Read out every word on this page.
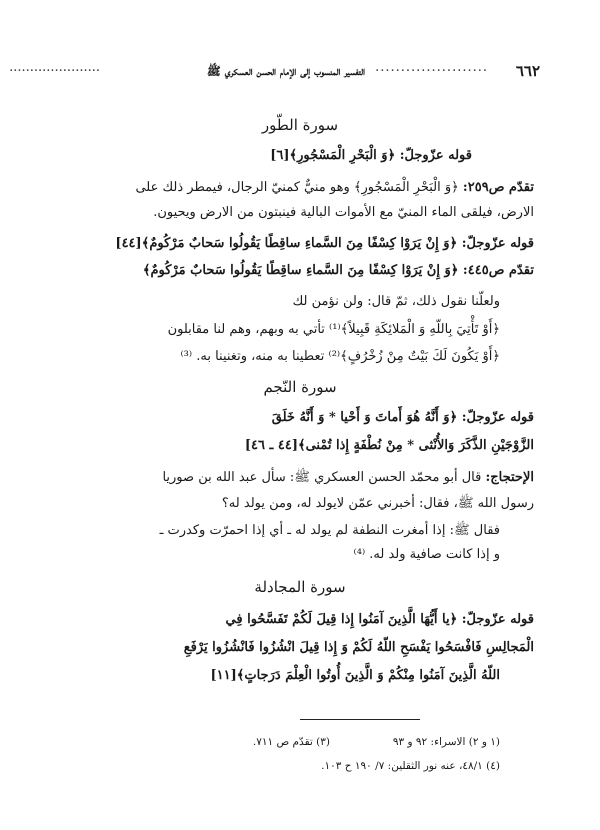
٦٦٢
......................
التفسير المنسوب إلى الإمام الحسن العسكري ﷺ
......................
سورة الطّور
قوله عزّوجلّ: ﴿وَ الْبَحْرِ الْمَسْجُورِ﴾[٦]
تقدّم ص٢٥٩: ﴿وَ الْبَحْرِ الْمَسْجُورِ﴾ وهو منيٌّ كمنيّ الرجال، فيمطر ذلك على
الارض، فيلقى الماء المنيّ مع الأموات البالية فينبتون من الارض ويحيون.
قوله عزّوجلّ: ﴿وَ إِنْ يَرَوْا كِسْفًا مِنَ السَّماءِ ساقِطًا يَقُولُوا سَحابٌ مَرْكُومٌ﴾[٤٤]
تقدّم ص٤٤٥: ﴿وَ إِنْ يَرَوْا كِسْفًا مِنَ السَّماءِ ساقِطًا يَقُولُوا سَحابٌ مَرْكُومٌ﴾
ولعلّنا نقول ذلك، ثمّ قال: ولن نؤمن لك
﴿أَوْ تَأْتِيَ بِاللّهِ وَ الْمَلائِكَةِ قَبِيلاً﴾⁽¹⁾ تأتي به وبهم، وهم لنا مقابلون
﴿أَوْ يَكُونَ لَكَ بَيْتٌ مِنْ زُخْرُفٍ﴾⁽²⁾ تعطينا به منه، وتغنينا به. ⁽³⁾
سورة النّجم
قوله عزّوجلّ: ﴿وَ أَنَّهُ هُوَ أَماتَ وَ أَحْيا * وَ أَنَّهُ خَلَقَ
الزَّوْجَيْنِ الذَّكَرَ وَالأُنْثى * مِنْ نُطْفَةٍ إِذا تُمْنى﴾[٤٤ ـ ٤٦]
الإحتجاج: قال أبو محمّد الحسن العسكري ﷺ: سأل عبد الله بن صوريا
رسول الله ﷺ، فقال: أخبرني عمّن لايولد له، ومن يولد له؟
فقال ﷺ: إذا أمغرت النطفة لم يولد له ـ أي إذا احمرّت وكدرت ـ
و إذا كانت صافية ولد له. ⁽⁴⁾
سورة المجادلة
قوله عزّوجلّ: ﴿يا أَيُّهَا الَّذِينَ آمَنُوا إِذا قِيلَ لَكُمْ تَفَسَّحُوا فِي
الْمَجالِسِ فَافْسَحُوا يَفْسَحِ اللّهُ لَكُمْ وَ إِذا قِيلَ انْشُزُوا فَانْشُزُوا يَرْفَعِ
اللّهُ الَّذِينَ آمَنُوا مِنْكُمْ وَ الَّذِينَ أُوتُوا الْعِلْمَ دَرَجاتٍ﴾[١١]
(١ و ٢) الاسراء: ٩٢ و ٩٣
(٣) تقدّم ص ٧١١.
(٤) ٤٨/١، عنه نور الثقلين: ٧/ ١٩٠ ح ١٠٣.
